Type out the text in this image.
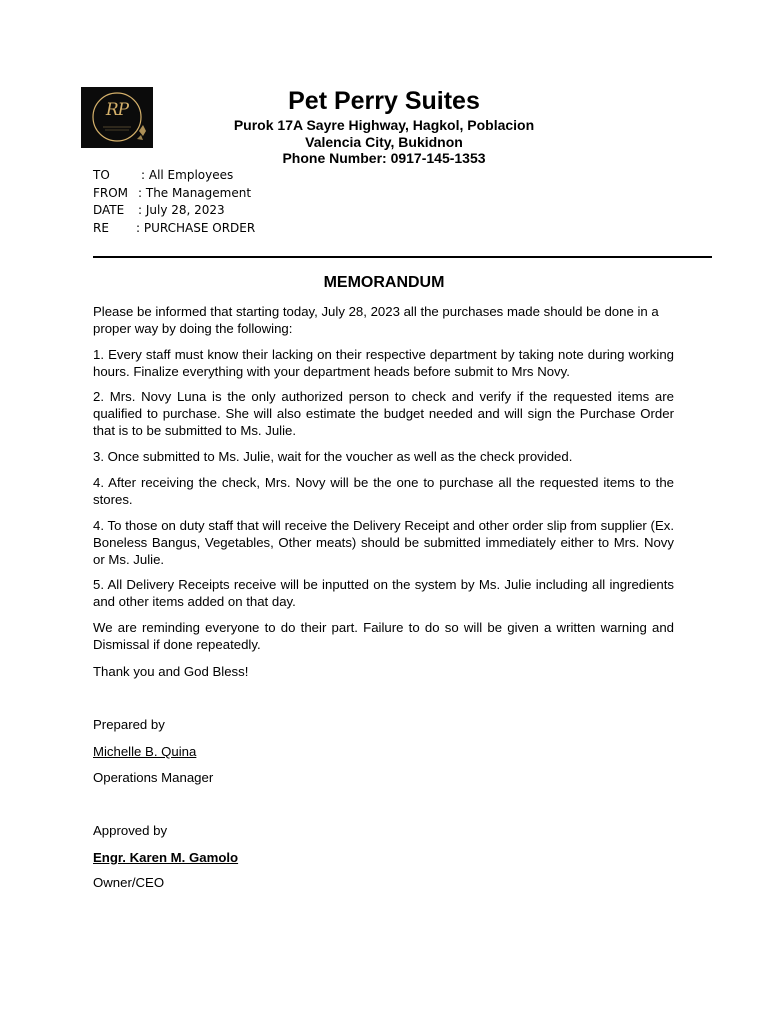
RP	Pet Perry Suites
Purok 17A Sayre Highway, Hagkol, Poblacion
Valencia City, Bukidnon
Phone Number: 0917-145-1353
TO	: All Employees
FROM : The Management
DATE : July 28, 2023
RE : PURCHASE ORDER
MEMORANDUM

Please be informed that starting today, July 28, 2023 all the purchases made should be done in a proper way by doing the following:

1. Every staff must know their lacking on their respective department by taking note during working hours. Finalize everything with your department heads before submit to Mrs Novy.

2. Mrs. Novy Luna is the only authorized person to check and verify if the requested items are qualified to purchase. She will also estimate the budget needed and will sign the Purchase Order that is to be submitted to Ms. Julie.

3. Once submitted to Ms. Julie, wait for the voucher as well as the check provided.

4. After receiving the check, Mrs. Novy will be the one to purchase all the requested items to the stores.

4. To those on duty staff that will receive the Delivery Receipt and other order slip from supplier (Ex. Boneless Bangus, Vegetables, Other meats) should be submitted immediately either to Mrs. Novy or Ms. Julie.

5. All Delivery Receipts receive will be inputted on the system by Ms. Julie including all ingredients and other items added on that day.

We are reminding everyone to do their part. Failure to do so will be given a written warning and Dismissal if done repeatedly.

Thank you and God Bless!

Prepared by
Michelle B. Quina
Operations Manager
Approved by
Engr. Karen M. Gamolo
Owner/CEO
